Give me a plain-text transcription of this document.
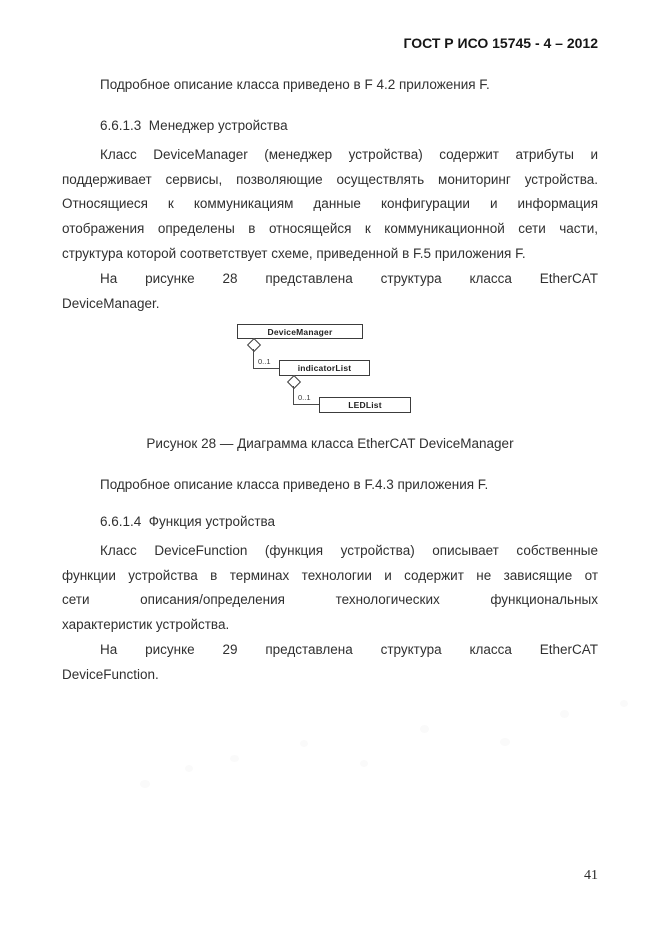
ГОСТ Р ИСО 15745 - 4 – 2012
Подробное описание класса приведено в F 4.2 приложения F.
6.6.1.3  Менеджер устройства
Класс DeviceManager (менеджер устройства) содержит атрибуты и
поддерживает сервисы, позволяющие осуществлять мониторинг устройства.
Относящиеся к коммуникациям данные конфигурации и информация
отображения определены в относящейся к коммуникационной сети части,
структура которой соответствует схеме, приведенной в F.5 приложения F.
На рисунке 28 представлена структура класса EtherCAT
DeviceManager.
DeviceManager
0..1
indicatorList
0..1
LEDList
Рисунок 28 — Диаграмма класса EtherCAT DeviceManager
Подробное описание класса приведено в F.4.3 приложения F.
6.6.1.4  Функция устройства
Класс DeviceFunction (функция устройства) описывает собственные
функции устройства в терминах технологии и содержит не зависящие от
сети описания/определения технологических функциональных
характеристик устройства.
На рисунке 29 представлена структура класса EtherCAT
DeviceFunction.
41
